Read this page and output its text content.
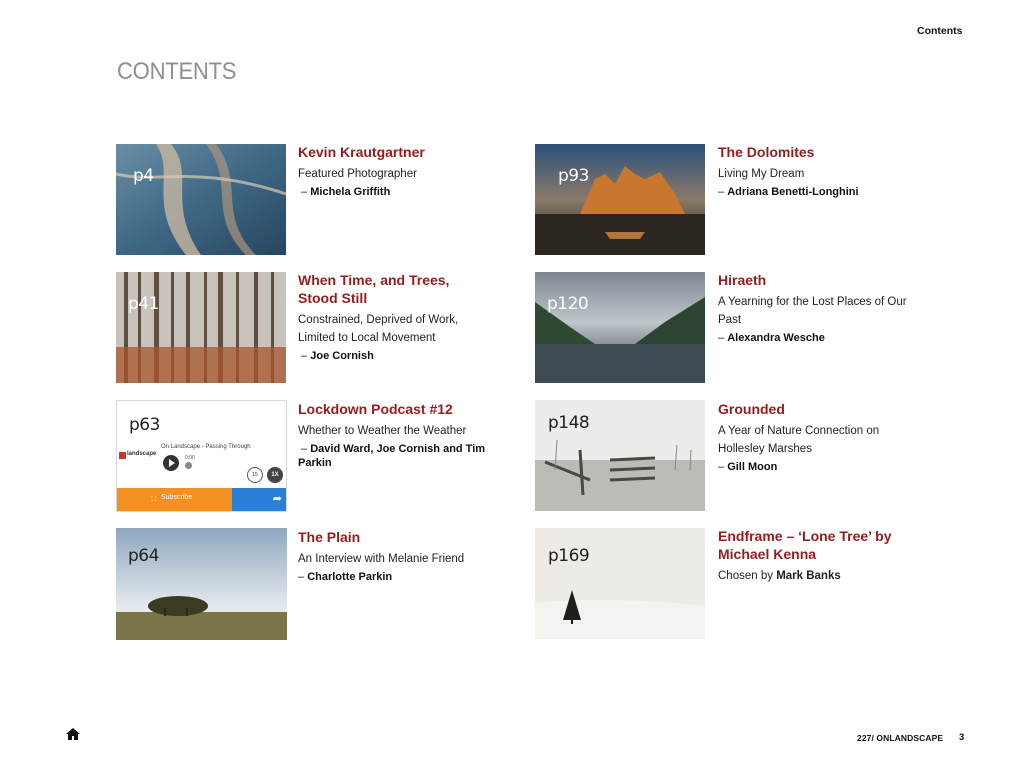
Contents
CONTENTS
p4
Kevin Krautgartner
Featured Photographer
– Michela Griffith
p93
The Dolomites
Living My Dream
– Adriana Benetti-Longhini
p41
When Time, and Trees, Stood Still
Constrained, Deprived of Work, Limited to Local Movement
– Joe Cornish
p120
Hiraeth
A Yearning for the Lost Places of Our Past
– Alexandra Wesche
p63
landscape
On Landscape - Passing Through
0:00
15	1X
∷ Subscribe	➦
Lockdown Podcast #12
Whether to Weather the Weather
– David Ward, Joe Cornish and Tim Parkin
p148
Grounded
A Year of Nature Connection on Hollesley Marshes
– Gill Moon
p64
The Plain
An Interview with Melanie Friend
– Charlotte Parkin
p169
Endframe – ‘Lone Tree’ by Michael Kenna
Chosen by Mark Banks
227/ ONLANDSCAPE 3
